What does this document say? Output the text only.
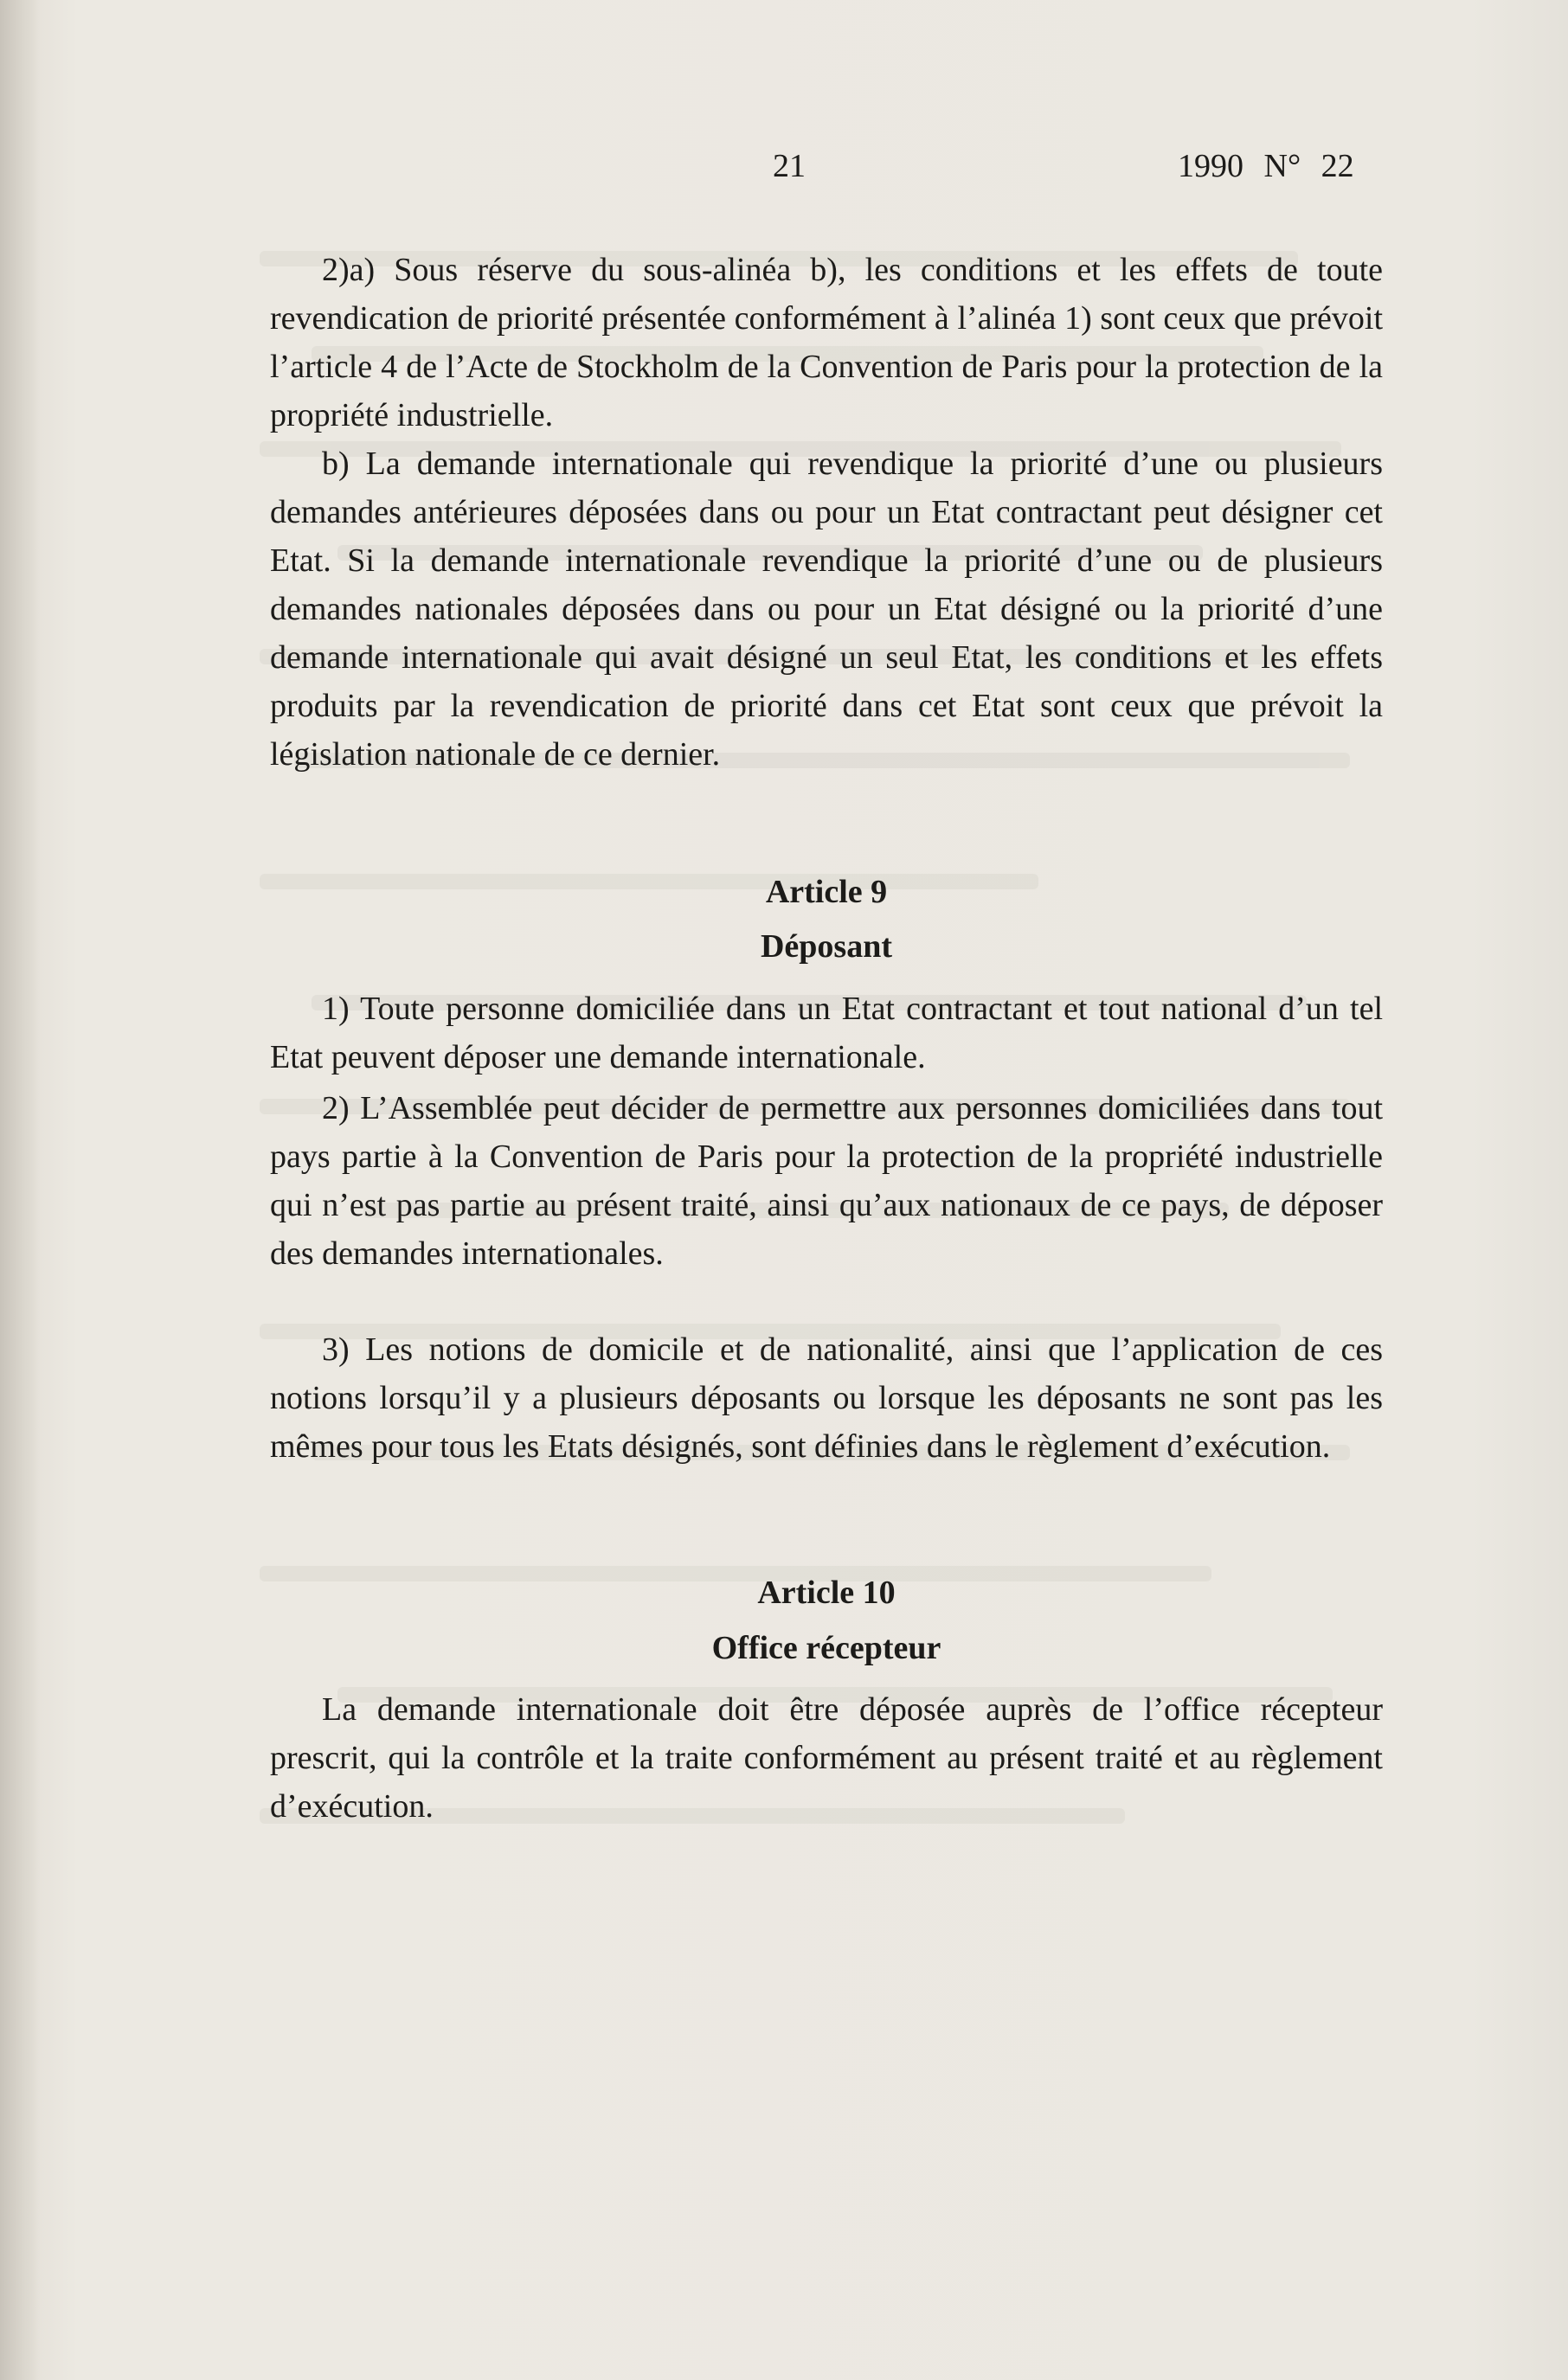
21	1990 N° 22

2)a) Sous réserve du sous-alinéa b), les conditions et les effets de toute revendication de priorité présentée conformément à l’alinéa 1) sont ceux que prévoit l’article 4 de l’Acte de Stockholm de la Convention de Paris pour la protection de la propriété industrielle.

b) La demande internationale qui revendique la priorité d’une ou plusieurs demandes antérieures déposées dans ou pour un Etat contractant peut désigner cet Etat. Si la demande internationale revendique la priorité d’une ou de plusieurs demandes nationales déposées dans ou pour un Etat désigné ou la priorité d’une demande internationale qui avait désigné un seul Etat, les conditions et les effets produits par la revendication de priorité dans cet Etat sont ceux que prévoit la législation nationale de ce dernier.

Article 9
Déposant

1) Toute personne domiciliée dans un Etat contractant et tout national d’un tel Etat peuvent déposer une demande internationale.

2) L’Assemblée peut décider de permettre aux personnes domiciliées dans tout pays partie à la Convention de Paris pour la protection de la propriété industrielle qui n’est pas partie au présent traité, ainsi qu’aux nationaux de ce pays, de déposer des demandes internationales.

3) Les notions de domicile et de nationalité, ainsi que l’application de ces notions lorsqu’il y a plusieurs déposants ou lorsque les déposants ne sont pas les mêmes pour tous les Etats désignés, sont définies dans le règlement d’exécution.

Article 10
Office récepteur

La demande internationale doit être déposée auprès de l’office récepteur prescrit, qui la contrôle et la traite conformément au présent traité et au règlement d’exécution.
